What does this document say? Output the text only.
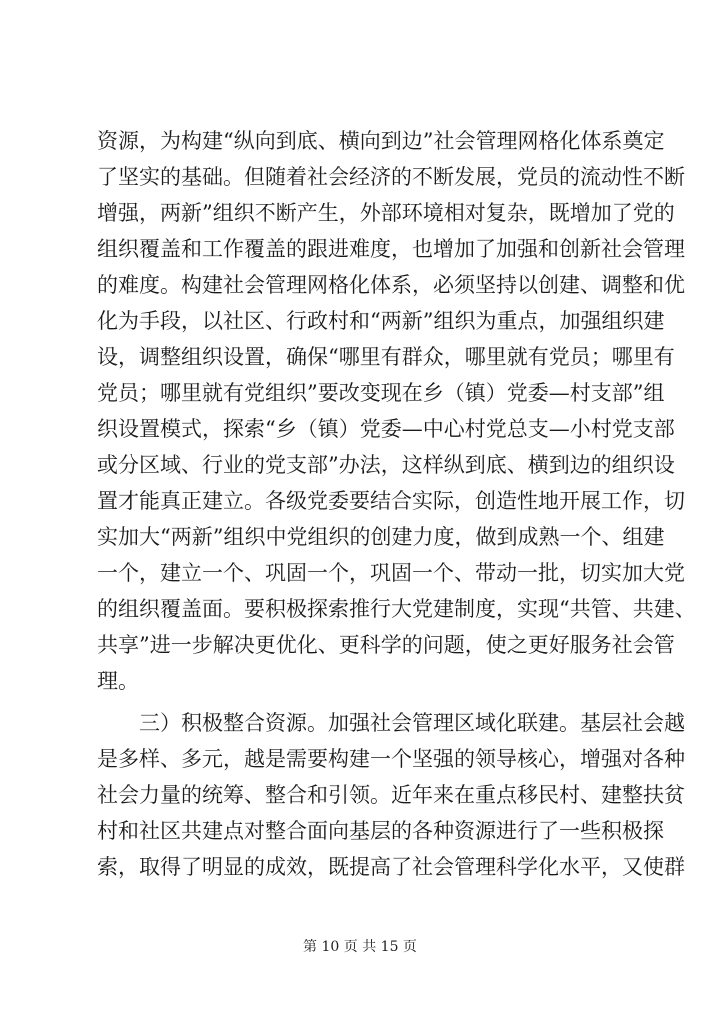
资源，为构建“纵向到底、横向到边”社会管理网格化体系奠定
了坚实的基础。但随着社会经济的不断发展，党员的流动性不断
增强，两新”组织不断产生，外部环境相对复杂，既增加了党的
组织覆盖和工作覆盖的跟进难度，也增加了加强和创新社会管理
的难度。构建社会管理网格化体系，必须坚持以创建、调整和优
化为手段，以社区、行政村和“两新”组织为重点，加强组织建
设，调整组织设置，确保“哪里有群众，哪里就有党员；哪里有
党员；哪里就有党组织”要改变现在乡（镇）党委—村支部”组
织设置模式，探索“乡（镇）党委—中心村党总支—小村党支部
或分区域、行业的党支部”办法，这样纵到底、横到边的组织设
置才能真正建立。各级党委要结合实际，创造性地开展工作，切
实加大“两新”组织中党组织的创建力度，做到成熟一个、组建
一个，建立一个、巩固一个，巩固一个、带动一批，切实加大党
的组织覆盖面。要积极探索推行大党建制度，实现“共管、共建、
共享”进一步解决更优化、更科学的问题，使之更好服务社会管
理。
　　三）积极整合资源。加强社会管理区域化联建。基层社会越
是多样、多元，越是需要构建一个坚强的领导核心，增强对各种
社会力量的统筹、整合和引领。近年来在重点移民村、建整扶贫
村和社区共建点对整合面向基层的各种资源进行了一些积极探
索，取得了明显的成效，既提高了社会管理科学化水平，又使群
第 10 页 共 15 页
